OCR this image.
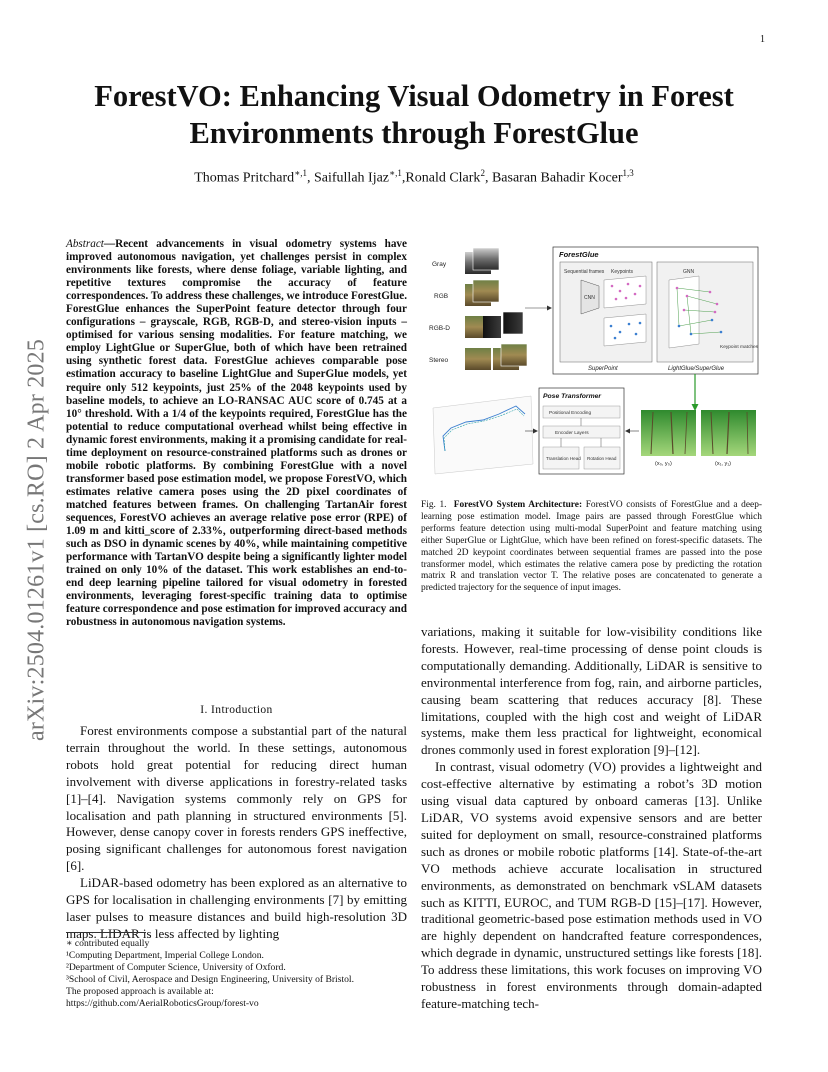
1
arXiv:2504.01261v1 [cs.RO] 2 Apr 2025
ForestVO: Enhancing Visual Odometry in Forest
Environments through ForestGlue
Thomas Pritchard$^{∗,1}$, Saifullah Ijaz$^{∗,1}$,Ronald Clark$^2$, Basaran Bahadir Kocer$^{1,3}$
Abstract—Recent advancements in visual odometry systems have improved autonomous navigation, yet challenges persist in complex environments like forests, where dense foliage, variable lighting, and repetitive textures compromise the accuracy of feature correspondences. To address these challenges, we introduce ForestGlue. ForestGlue enhances the SuperPoint feature detector through four configurations – grayscale, RGB, RGB-D, and stereo-vision inputs – optimised for various sensing modalities. For feature matching, we employ LightGlue or SuperGlue, both of which have been retrained using synthetic forest data. ForestGlue achieves comparable pose estimation accuracy to baseline LightGlue and SuperGlue models, yet require only 512 keypoints, just 25% of the 2048 keypoints used by baseline models, to achieve an LO-RANSAC AUC score of 0.745 at a 10° threshold. With a 1/4 of the keypoints required, ForestGlue has the potential to reduce computational overhead whilst being effective in dynamic forest environments, making it a promising candidate for real-time deployment on resource-constrained platforms such as drones or mobile robotic platforms. By combining ForestGlue with a novel transformer based pose estimation model, we propose ForestVO, which estimates relative camera poses using the 2D pixel coordinates of matched features between frames. On challenging TartanAir forest sequences, ForestVO achieves an average relative pose error (RPE) of 1.09 m and kitti_score of 2.33%, outperforming direct-based methods such as DSO in dynamic scenes by 40%, while maintaining competitive performance with TartanVO despite being a significantly lighter model trained on only 10% of the dataset. This work establishes an end-to-end deep learning pipeline tailored for visual odometry in forested environments, leveraging forest-specific training data to optimise feature correspondence and pose estimation for improved accuracy and robustness in autonomous navigation systems.
I. Introduction

Forest environments compose a substantial part of the natural terrain throughout the world. In these settings, autonomous robots hold great potential for reducing direct human involvement with diverse applications in forestry-related tasks [1]–[4]. Navigation systems commonly rely on GPS for localisation and path planning in structured environments [5]. However, dense canopy cover in forests renders GPS ineffective, posing significant challenges for autonomous forest navigation [6].

LiDAR-based odometry has been explored as an alternative to GPS for localisation in challenging environments [7] by emitting laser pulses to measure distances and build high-resolution 3D maps. LIDAR is less affected by lighting

∗ contributed equally
¹Computing Department, Imperial College London.
²Department of Computer Science, University of Oxford.
³School of Civil, Aerospace and Design Engineering, University of Bristol.
The proposed approach is available at:
https://github.com/AerialRoboticsGroup/forest-vo
Gray
RGB
RGB-D
Stereo
ForestGlue
Sequential frames
CNN
Keypoints
SuperPoint
GNN
Keypoint matches
LightGlue/SuperGlue
Pose Transformer
Positional Encoding
Encoder Layers
Translation Head Rotation Head
(x₀, y₀)	(x₁, y₁)
Fig. 1. ForestVO System Architecture: ForestVO consists of ForestGlue and a deep-learning pose estimation model. Image pairs are passed through ForestGlue which performs feature detection using multi-modal SuperPoint and feature matching using either SuperGlue or LightGlue, which have been refined on forest-specific datasets. The matched 2D keypoint coordinates between sequential frames are passed into the pose transformer model, which estimates the relative camera pose by predicting the rotation matrix R and translation vector T. The relative poses are concatenated to generate a predicted trajectory for the sequence of input images.

variations, making it suitable for low-visibility conditions like forests. However, real-time processing of dense point clouds is computationally demanding. Additionally, LiDAR is sensitive to environmental interference from fog, rain, and airborne particles, causing beam scattering that reduces accuracy [8]. These limitations, coupled with the high cost and weight of LiDAR systems, make them less practical for lightweight, economical drones commonly used in forest exploration [9]–[12].

In contrast, visual odometry (VO) provides a lightweight and cost-effective alternative by estimating a robot’s 3D motion using visual data captured by onboard cameras [13]. Unlike LiDAR, VO systems avoid expensive sensors and are better suited for deployment on small, resource-constrained platforms such as drones or mobile robotic platforms [14]. State-of-the-art VO methods achieve accurate localisation in structured environments, as demonstrated on benchmark vSLAM datasets such as KITTI, EUROC, and TUM RGB-D [15]–[17]. However, traditional geometric-based pose estimation methods used in VO are highly dependent on handcrafted feature correspondences, which degrade in dynamic, unstructured settings like forests [18]. To address these limitations, this work focuses on improving VO robustness in forest environments through domain-adapted feature-matching tech-
